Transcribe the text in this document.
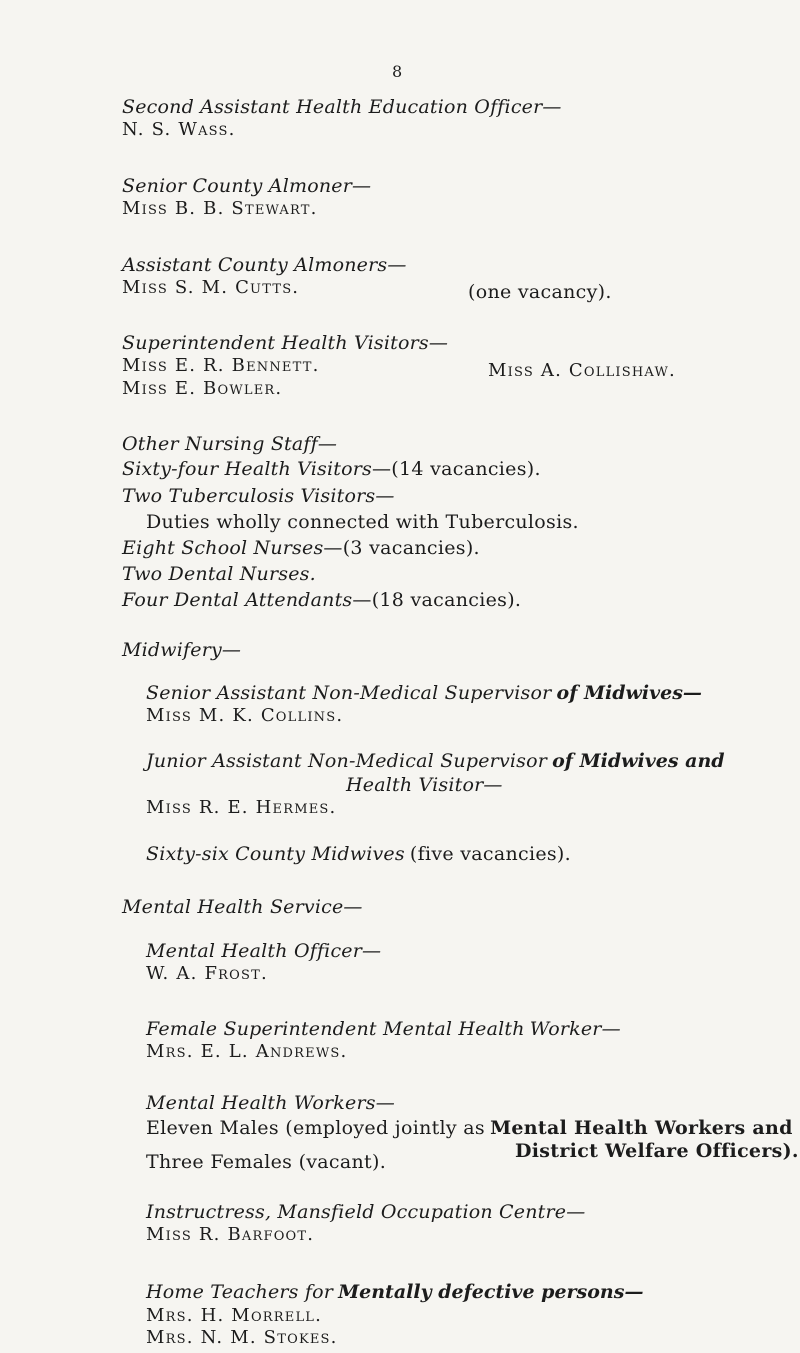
8
Second Assistant Health Education Officer—
N. S. Wass.
Senior County Almoner—
Miss B. B. Stewart.
Assistant County Almoners—
Miss S. M. Cutts.	(one vacancy).
Superintendent Health Visitors—
Miss E. R. Bennett.	Miss A. Collishaw.
Miss E. Bowler.
Other Nursing Staff—
Sixty-four Health Visitors—(14 vacancies).
Two Tuberculosis Visitors—
Duties wholly connected with Tuberculosis.
Eight School Nurses—(3 vacancies).
Two Dental Nurses.
Four Dental Attendants—(18 vacancies).
Midwifery—
Senior Assistant Non-Medical Supervisor of Midwives—
Miss M. K. Collins.
Junior Assistant Non-Medical Supervisor of Midwives and
Health Visitor—
Miss R. E. Hermes.
Sixty-six County Midwives (five vacancies).
Mental Health Service—
Mental Health Officer—
W. A. Frost.
Female Superintendent Mental Health Worker—
Mrs. E. L. Andrews.
Mental Health Workers—
Eleven Males (employed jointly as Mental Health Workers and
District Welfare Officers).
Three Females (vacant).
Instructress, Mansfield Occupation Centre—
Miss R. Barfoot.
Home Teachers for Mentally defective persons—
Mrs. H. Morrell.
Mrs. N. M. Stokes.
